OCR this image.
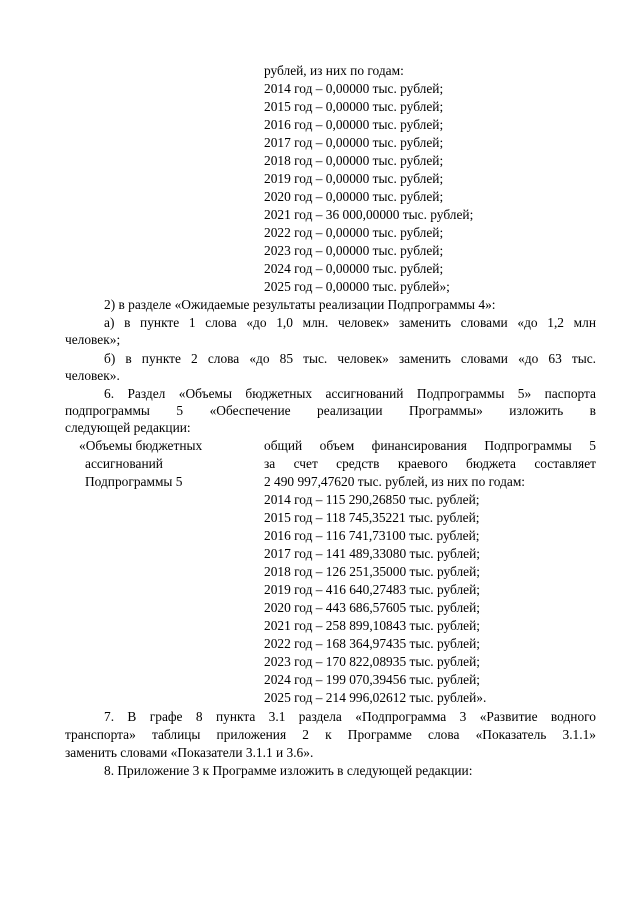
рублей, из них по годам:
2014 год – 0,00000 тыс. рублей;
2015 год – 0,00000 тыс. рублей;
2016 год – 0,00000 тыс. рублей;
2017 год – 0,00000 тыс. рублей;
2018 год – 0,00000 тыс. рублей;
2019 год – 0,00000 тыс. рублей;
2020 год – 0,00000 тыс. рублей;
2021 год – 36 000,00000 тыс. рублей;
2022 год – 0,00000 тыс. рублей;
2023 год – 0,00000 тыс. рублей;
2024 год – 0,00000 тыс. рублей;
2025 год – 0,00000 тыс. рублей»;
2) в разделе «Ожидаемые результаты реализации Подпрограммы 4»:
а) в пункте 1 слова «до 1,0 млн. человек» заменить словами «до 1,2 млн
человек»;
б) в пункте 2 слова «до 85 тыс. человек» заменить словами «до 63 тыс.
человек».
6. Раздел «Объемы бюджетных ассигнований Подпрограммы 5» паспорта
подпрограммы 5 «Обеспечение реализации Программы» изложить в
следующей редакции:
«Объемы бюджетных
ассигнований
Подпрограммы 5
общий объем финансирования Подпрограммы 5
за счет средств краевого бюджета составляет
2 490 997,47620 тыс. рублей, из них по годам:
2014 год – 115 290,26850 тыс. рублей;
2015 год – 118 745,35221 тыс. рублей;
2016 год – 116 741,73100 тыс. рублей;
2017 год – 141 489,33080 тыс. рублей;
2018 год – 126 251,35000 тыс. рублей;
2019 год – 416 640,27483 тыс. рублей;
2020 год – 443 686,57605 тыс. рублей;
2021 год – 258 899,10843 тыс. рублей;
2022 год – 168 364,97435 тыс. рублей;
2023 год – 170 822,08935 тыс. рублей;
2024 год – 199 070,39456 тыс. рублей;
2025 год – 214 996,02612 тыс. рублей».
7. В графе 8 пункта 3.1 раздела «Подпрограмма 3 «Развитие водного
транспорта» таблицы приложения 2 к Программе слова «Показатель 3.1.1»
заменить словами «Показатели 3.1.1 и 3.6».
8. Приложение 3 к Программе изложить в следующей редакции:
